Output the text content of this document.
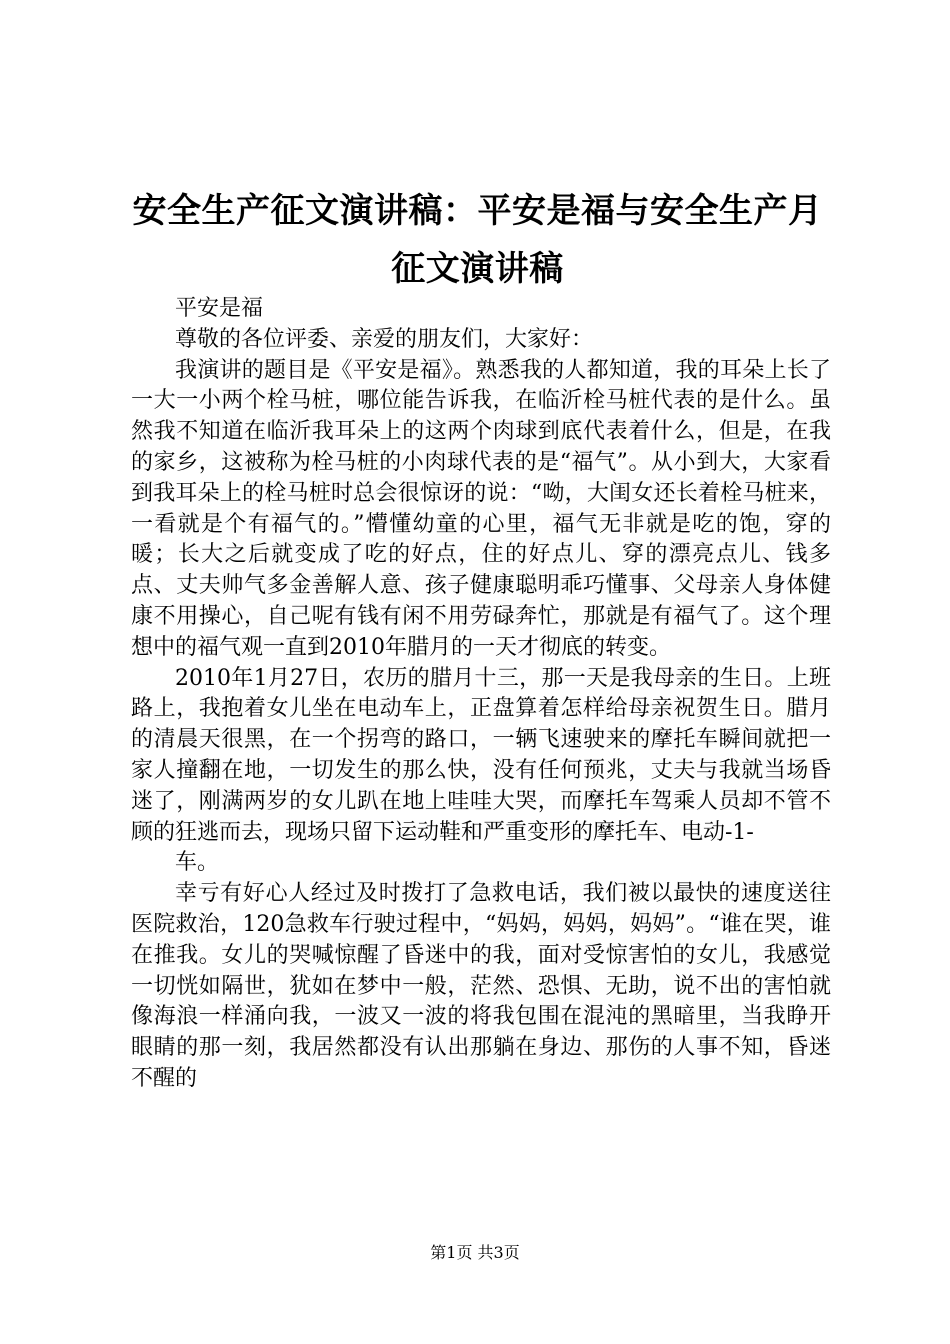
安全生产征文演讲稿：平安是福与安全生产月征文演讲稿

平安是福

尊敬的各位评委、亲爱的朋友们，大家好：

我演讲的题目是《平安是福》。熟悉我的人都知道，我的耳朵上长了一大一小两个栓马桩，哪位能告诉我，在临沂栓马桩代表的是什么。虽然我不知道在临沂我耳朵上的这两个肉球到底代表着什么，但是，在我的家乡，这被称为栓马桩的小肉球代表的是“福气”。从小到大，大家看到我耳朵上的栓马桩时总会很惊讶的说：“呦，大闺女还长着栓马桩来，一看就是个有福气的。”懵懂幼童的心里，福气无非就是吃的饱，穿的暖；长大之后就变成了吃的好点，住的好点儿、穿的漂亮点儿、钱多点、丈夫帅气多金善解人意、孩子健康聪明乖巧懂事、父母亲人身体健康不用操心，自己呢有钱有闲不用劳碌奔忙，那就是有福气了。这个理想中的福气观一直到2010年腊月的一天才彻底的转变。

2010年1月27日，农历的腊月十三，那一天是我母亲的生日。上班路上，我抱着女儿坐在电动车上，正盘算着怎样给母亲祝贺生日。腊月的清晨天很黑，在一个拐弯的路口，一辆飞速驶来的摩托车瞬间就把一家人撞翻在地，一切发生的那么快，没有任何预兆，丈夫与我就当场昏迷了，刚满两岁的女儿趴在地上哇哇大哭，而摩托车驾乘人员却不管不顾的狂逃而去，现场只留下运动鞋和严重变形的摩托车、电动-1-

车。

幸亏有好心人经过及时拨打了急救电话，我们被以最快的速度送往医院救治，120急救车行驶过程中，“妈妈，妈妈，妈妈”。“谁在哭，谁在推我。女儿的哭喊惊醒了昏迷中的我，面对受惊害怕的女儿，我感觉一切恍如隔世，犹如在梦中一般，茫然、恐惧、无助，说不出的害怕就像海浪一样涌向我，一波又一波的将我包围在混沌的黑暗里，当我睁开眼睛的那一刻，我居然都没有认出那躺在身边、那伤的人事不知，昏迷不醒的

第1页 共3页
